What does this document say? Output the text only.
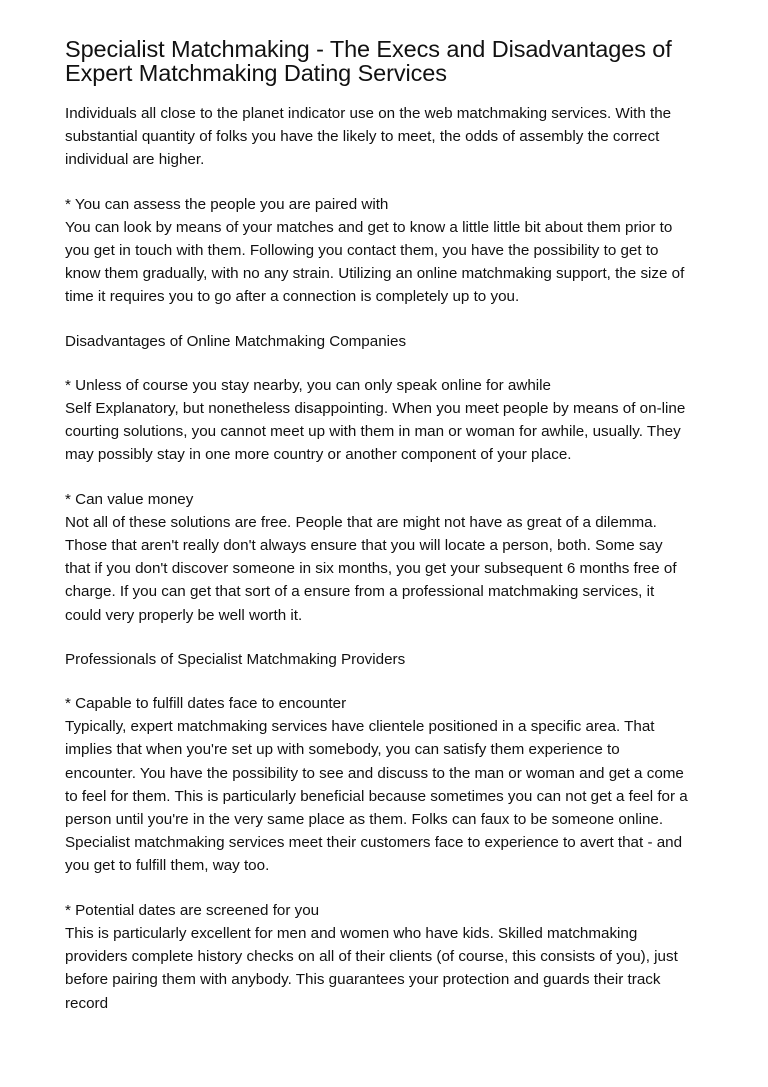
Specialist Matchmaking - The Execs and Disadvantages of
Expert Matchmaking Dating Services
Individuals all close to the planet indicator use on the web matchmaking services. With the
substantial quantity of folks you have the likely to meet, the odds of assembly the correct
individual are higher.
* You can assess the people you are paired with
You can look by means of your matches and get to know a little little bit about them prior to
you get in touch with them. Following you contact them, you have the possibility to get to
know them gradually, with no any strain. Utilizing an online matchmaking support, the size of
time it requires you to go after a connection is completely up to you.
Disadvantages of Online Matchmaking Companies
* Unless of course you stay nearby, you can only speak online for awhile
Self Explanatory, but nonetheless disappointing. When you meet people by means of on-line
courting solutions, you cannot meet up with them in man or woman for awhile, usually. They
may possibly stay in one more country or another component of your place.
* Can value money
Not all of these solutions are free. People that are might not have as great of a dilemma.
Those that aren't really don't always ensure that you will locate a person, both. Some say
that if you don't discover someone in six months, you get your subsequent 6 months free of
charge. If you can get that sort of a ensure from a professional matchmaking services, it
could very properly be well worth it.
Professionals of Specialist Matchmaking Providers
* Capable to fulfill dates face to encounter
Typically, expert matchmaking services have clientele positioned in a specific area. That
implies that when you're set up with somebody, you can satisfy them experience to
encounter. You have the possibility to see and discuss to the man or woman and get a come
to feel for them. This is particularly beneficial because sometimes you can not get a feel for a
person until you're in the very same place as them. Folks can faux to be someone online.
Specialist matchmaking services meet their customers face to experience to avert that - and
you get to fulfill them, way too.
* Potential dates are screened for you
This is particularly excellent for men and women who have kids. Skilled matchmaking
providers complete history checks on all of their clients (of course, this consists of you), just
before pairing them with anybody. This guarantees your protection and guards their track
record
